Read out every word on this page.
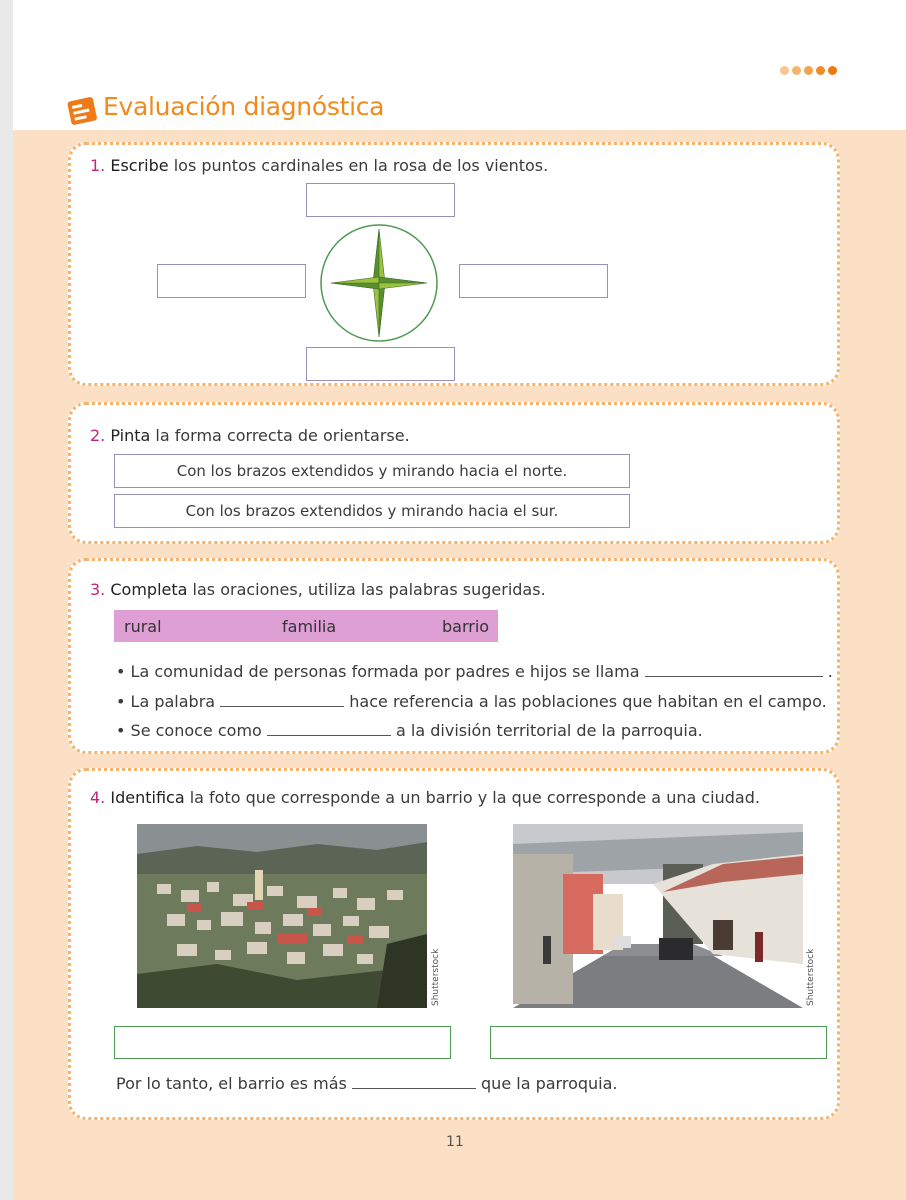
Evaluación diagnóstica
1. Escribe los puntos cardinales en la rosa de los vientos.
2. Pinta la forma correcta de orientarse.
Con los brazos extendidos y mirando hacia el norte.
Con los brazos extendidos y mirando hacia el sur.
3. Completa las oraciones, utiliza las palabras sugeridas.
rural	familia	barrio
• La comunidad de personas formada por padres e hijos se llama	.
• La palabra	hace referencia a las poblaciones que habitan en el campo.
• Se conoce como	a la división territorial de la parroquia.
4. Identifica la foto que corresponde a un barrio y la que corresponde a una ciudad.
Shutterstock	Shutterstock
Por lo tanto, el barrio es más	que la parroquia.
11
